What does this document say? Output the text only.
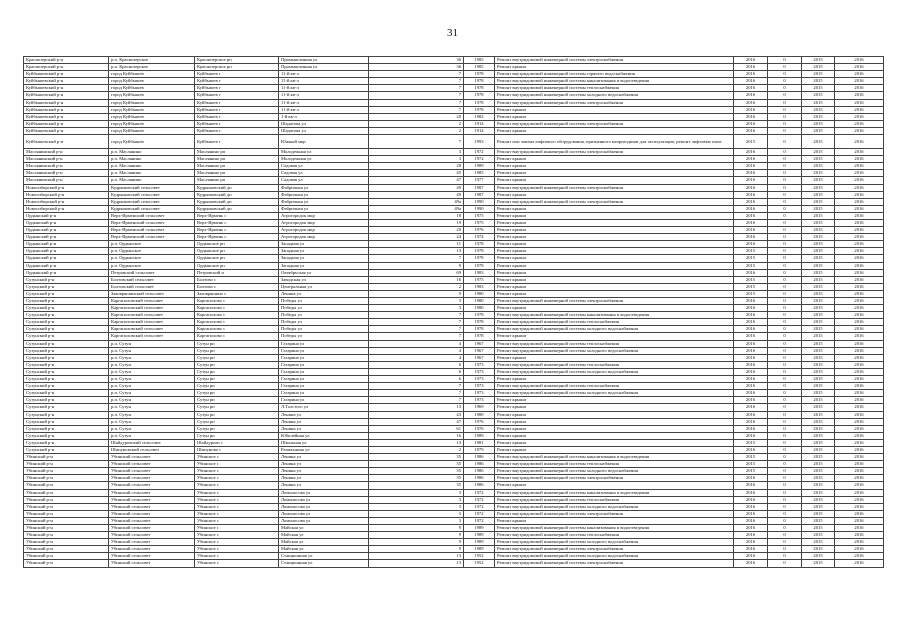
31
Краснозерский р-н	р.п. Краснозерское	Краснозерское рп	Промышленная ул	36	1985	Ремонт внутридомовой инженерной системы электроснабжения	2016	0	2015	2016
Краснозерский р-н	р.п. Краснозерское	Краснозерское рп	Промышленная ул	36	1985	Ремонт крыши	2016	0	2015	2016
Куйбышевский р-н	город Куйбышев	Куйбышев г	11-й кв-л	7	1978	Ремонт внутридомовой инженерной системы горячего водоснабжения	2016	0	2015	2016
Куйбышевский р-н	город Куйбышев	Куйбышев г	11-й кв-л	7	1978	Ремонт внутридомовой инженерной системы канализования и водоотведения	2016	0	2015	2016
Куйбышевский р-н	город Куйбышев	Куйбышев г	11-й кв-л	7	1978	Ремонт внутридомовой инженерной системы теплоснабжения	2016	0	2015	2016
Куйбышевский р-н	город Куйбышев	Куйбышев г	11-й кв-л	7	1978	Ремонт внутридомовой инженерной системы холодного водоснабжения	2016	0	2015	2016
Куйбышевский р-н	город Куйбышев	Куйбышев г	11-й кв-л	7	1978	Ремонт внутридомовой инженерной системы электроснабжения	2016	0	2015	2016
Куйбышевский р-н	город Куйбышев	Куйбышев г	11-й кв-л	7	1978	Ремонт крыши	2016	0	2015	2016
Куйбышевский р-н	город Куйбышев	Куйбышев г	1-й кв-л	20	1982	Ремонт крыши	2016	0	2015	2016
Куйбышевский р-н	город Куйбышев	Куйбышев г	Шадатова ул	2	1914	Ремонт внутридомовой инженерной системы электроснабжения	2016	0	2015	2016
Куйбышевский р-н	город Куйбышев	Куйбышев г	Шадатова ул	2	1914	Ремонт крыши	2016	0	2015	2016
Куйбышевский р-н	город Куйбышев	Куйбышев г	Южный мкр	7	1993	Ремонт или замена лифтового оборудования, признанного непригодным для эксплуатации, ремонт лифтовых шахт	2015	0	2015	2016
Маслянинский р-н	р.п. Маслянино	Маслянино рп	Молодежная ул	3	1972	Ремонт внутридомовой инженерной системы электроснабжения	2016	0	2015	2016
Маслянинский р-н	р.п. Маслянино	Маслянино рп	Молодежная ул	3	1972	Ремонт крыши	2016	0	2015	2016
Маслянинский р-н	р.п. Маслянино	Маслянино рп	Садовая ул	28	1989	Ремонт крыши	2016	0	2015	2016
Маслянинский р-н	р.п. Маслянино	Маслянино рп	Садовая ул	45	1985	Ремонт крыши	2016	0	2015	2016
Маслянинский р-н	р.п. Маслянино	Маслянино рп	Садовая ул	47	1977	Ремонт крыши	2016	0	2015	2016
Новосибирский р-н	Кудряшовский сельсовет	Кудряшовский дп	Фабричная ул	49	1987	Ремонт внутридомовой инженерной системы электроснабжения	2016	0	2015	2016
Новосибирский р-н	Кудряшовский сельсовет	Кудряшовский дп	Фабричная ул	49	1987	Ремонт крыши	2016	0	2015	2016
Новосибирский р-н	Кудряшовский сельсовет	Кудряшовский дп	Фабричная ул	49а	1990	Ремонт внутридомовой инженерной системы электроснабжения	2016	0	2015	2016
Новосибирский р-н	Кудряшовский сельсовет	Кудряшовский дп	Фабричная ул	49а	1990	Ремонт крыши	2016	0	2015	2016
Ордынский р-н	Верх-Ирменский сельсовет	Верх-Ирмень с	Агрогородок мкр	18	1975	Ремонт крыши	2016	0	2015	2016
Ордынский р-н	Верх-Ирменский сельсовет	Верх-Ирмень с	Агрогородок мкр	19	1975	Ремонт крыши	2016	0	2015	2016
Ордынский р-н	Верх-Ирменский сельсовет	Верх-Ирмень с	Агрогородок мкр	20	1976	Ремонт крыши	2016	0	2015	2016
Ордынский р-н	Верх-Ирменский сельсовет	Верх-Ирмень с	Агрогородок мкр	24	1974	Ремонт крыши	2016	0	2015	2016
Ордынский р-н	р.п. Ордынское	Ордынское рп	Западная ул	11	1978	Ремонт крыши	2016	0	2015	2016
Ордынский р-н	р.п. Ордынское	Ордынское рп	Западная ул	13	1978	Ремонт крыши	2015	0	2015	2016
Ордынский р-н	р.п. Ордынское	Ордынское рп	Западная ул	7	1978	Ремонт крыши	2015	0	2015	2016
Ордынский р-н	р.п. Ордынское	Ордынское рп	Западная ул	9	1978	Ремонт крыши	2015	0	2015	2016
Ордынский р-н	Петровский сельсовет	Петровский п	Октябрьская ул	69	1983	Ремонт крыши	2016	0	2015	2016
Сузунский р-н	Болтовский сельсовет	Болтово с	Заводская ул	16	1975	Ремонт крыши	2015	0	2015	2016
Сузунский р-н	Болтовский сельсовет	Болтово с	Центральная ул	2	1983	Ремонт крыши	2015	0	2015	2016
Сузунский р-н	Заковряшинский сельсовет	Заковряшино с	Ленина ул	9	1980	Ремонт крыши	2015	0	2015	2016
Сузунский р-н	Каргаполовский сельсовет	Каргаполово с	Победы ул	3	1980	Ремонт внутридомовой инженерной системы электроснабжения	2016	0	2015	2016
Сузунский р-н	Каргаполовский сельсовет	Каргаполово с	Победы ул	3	1980	Ремонт крыши	2016	0	2015	2016
Сузунский р-н	Каргаполовский сельсовет	Каргаполово с	Победы ул	7	1978	Ремонт внутридомовой инженерной системы канализования и водоотведения	2016	0	2015	2016
Сузунский р-н	Каргаполовский сельсовет	Каргаполово с	Победы ул	7	1978	Ремонт внутридомовой инженерной системы теплоснабжения	2016	0	2015	2016
Сузунский р-н	Каргаполовский сельсовет	Каргаполово с	Победы ул	7	1978	Ремонт внутридомовой инженерной системы холодного водоснабжения	2016	0	2015	2016
Сузунский р-н	Каргаполовский сельсовет	Каргаполово с	Победы ул	7	1978	Ремонт крыши	2016	0	2015	2016
Сузунский р-н	р.п. Сузун	Сузун рп	Гагарина ул	4	1967	Ремонт внутридомовой инженерной системы теплоснабжения	2016	0	2015	2016
Сузунский р-н	р.п. Сузун	Сузун рп	Гагарина ул	4	1967	Ремонт внутридомовой инженерной системы холодного водоснабжения	2016	0	2015	2016
Сузунский р-н	р.п. Сузун	Сузун рп	Гагарина ул	4	1967	Ремонт крыши	2016	0	2015	2016
Сузунский р-н	р.п. Сузун	Сузун рп	Гагарина ул	6	1973	Ремонт внутридомовой инженерной системы теплоснабжения	2016	0	2015	2016
Сузунский р-н	р.п. Сузун	Сузун рп	Гагарина ул	6	1973	Ремонт внутридомовой инженерной системы холодного водоснабжения	2016	0	2015	2016
Сузунский р-н	р.п. Сузун	Сузун рп	Гагарина ул	6	1973	Ремонт крыши	2016	0	2015	2016
Сузунский р-н	р.п. Сузун	Сузун рп	Гагарина ул	7	1973	Ремонт внутридомовой инженерной системы теплоснабжения	2016	0	2015	2016
Сузунский р-н	р.п. Сузун	Сузун рп	Гагарина ул	7	1973	Ремонт внутридомовой инженерной системы холодного водоснабжения	2016	0	2015	2016
Сузунский р-н	р.п. Сузун	Сузун рп	Гагарина ул	7	1973	Ремонт крыши	2016	0	2015	2016
Сузунский р-н	р.п. Сузун	Сузун рп	Л.Толстого ул	13	1969	Ремонт крыши	2016	0	2015	2016
Сузунский р-н	р.п. Сузун	Сузун рп	Ленина ул	43	1980	Ремонт крыши	2016	0	2015	2016
Сузунский р-н	р.п. Сузун	Сузун рп	Ленина ул	47	1976	Ремонт крыши	2016	0	2015	2016
Сузунский р-н	р.п. Сузун	Сузун рп	Ленина ул	61	1976	Ремонт крыши	2016	0	2015	2016
Сузунский р-н	р.п. Сузун	Сузун рп	Юбилейная ул	16	1989	Ремонт крыши	2016	0	2015	2016
Сузунский р-н	Шайдуровский сельсовет	Шайдурово с	Школьная ул	13	1981	Ремонт крыши	2015	0	2015	2016
Сузунский р-н	Шипуновский сельсовет	Шипуново с	Размахнина ул	2	1979	Ремонт крыши	2016	0	2015	2016
Убинский р-н	Убинский сельсовет	Убинское с	Ленина ул	35	1986	Ремонт внутридомовой инженерной системы канализования и водоотведения	2015	0	2015	2016
Убинский р-н	Убинский сельсовет	Убинское с	Ленина ул	35	1986	Ремонт внутридомовой инженерной системы теплоснабжения	2015	0	2015	2016
Убинский р-н	Убинский сельсовет	Убинское с	Ленина ул	35	1986	Ремонт внутридомовой инженерной системы холодного водоснабжения	2015	0	2015	2016
Убинский р-н	Убинский сельсовет	Убинское с	Ленина ул	35	1986	Ремонт внутридомовой инженерной системы электроснабжения	2016	0	2015	2016
Убинский р-н	Убинский сельсовет	Убинское с	Ленина ул	35	1986	Ремонт крыши	2016	0	2015	2016
Убинский р-н	Убинский сельсовет	Убинское с	Ломоносова ул	3	1972	Ремонт внутридомовой инженерной системы канализования и водоотведения	2016	0	2015	2016
Убинский р-н	Убинский сельсовет	Убинское с	Ломоносова ул	3	1972	Ремонт внутридомовой инженерной системы теплоснабжения	2016	0	2015	2016
Убинский р-н	Убинский сельсовет	Убинское с	Ломоносова ул	3	1972	Ремонт внутридомовой инженерной системы холодного водоснабжения	2016	0	2015	2016
Убинский р-н	Убинский сельсовет	Убинское с	Ломоносова ул	3	1972	Ремонт внутридомовой инженерной системы электроснабжения	2016	0	2015	2016
Убинский р-н	Убинский сельсовет	Убинское с	Ломоносова ул	3	1972	Ремонт крыши	2016	0	2015	2016
Убинский р-н	Убинский сельсовет	Убинское с	Майская ул	9	1989	Ремонт внутридомовой инженерной системы канализования и водоотведения	2016	0	2015	2016
Убинский р-н	Убинский сельсовет	Убинское с	Майская ул	9	1989	Ремонт внутридомовой инженерной системы теплоснабжения	2016	0	2015	2016
Убинский р-н	Убинский сельсовет	Убинское с	Майская ул	9	1989	Ремонт внутридомовой инженерной системы холодного водоснабжения	2016	0	2015	2016
Убинский р-н	Убинский сельсовет	Убинское с	Майская ул	9	1989	Ремонт внутридомовой инженерной системы электроснабжения	2016	0	2015	2016
Убинский р-н	Убинский сельсовет	Убинское с	Станционная ул	13	1952	Ремонт внутридомовой инженерной системы холодного водоснабжения	2016	0	2015	2016
Убинский р-н	Убинский сельсовет	Убинское с	Станционная ул	13	1952	Ремонт внутридомовой инженерной системы электроснабжения	2016	0	2015	2016
